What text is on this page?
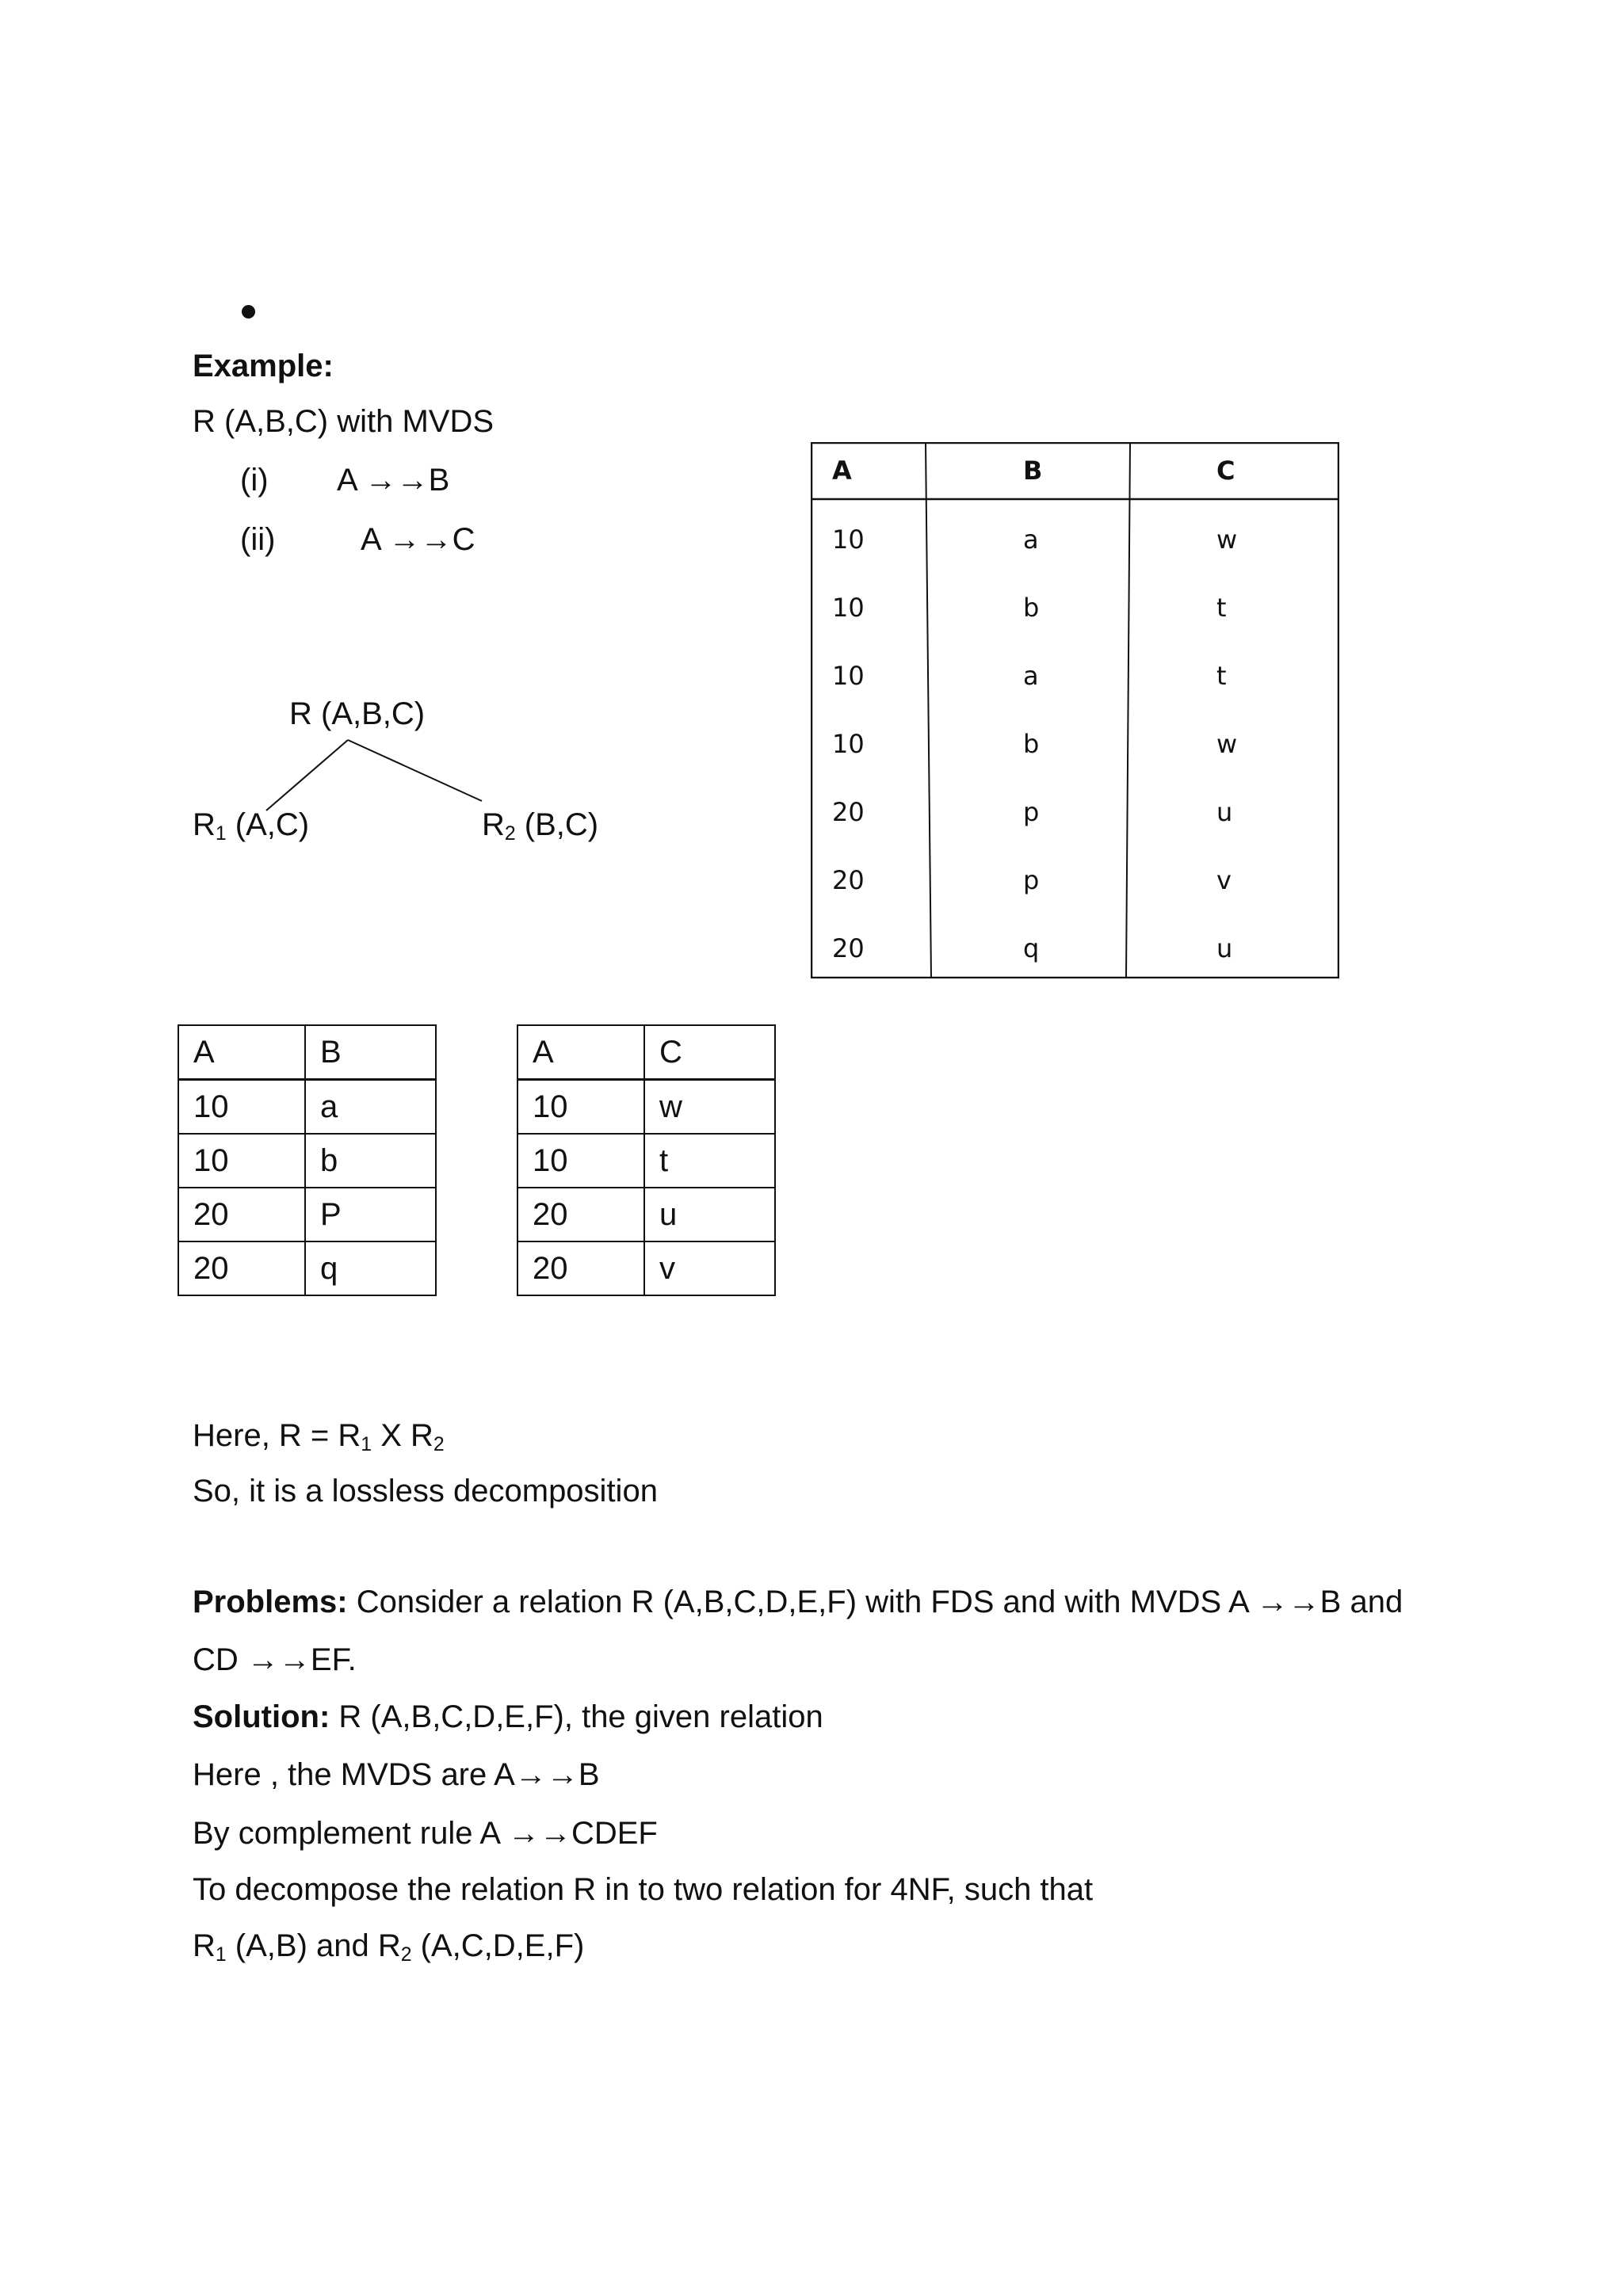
Example:
R (A,B,C) with MVDS
(i) A →→B
(ii)	A →→C
R (A,B,C)
$R_1$ (A,C)	$R_2$ (B,C)
A	B	C
10	a	w
10	b	t
10	a	t
10	b	w
20	p	u
20	p	v
20	q	u
A	B
10	a
10	b
20	P
20	q
A	C
10	w
10	t
20	u
20	v
Here, $R = R_1$ X $R_2$
So, it is a lossless decomposition
Problems: Consider a relation R (A,B,C,D,E,F) with FDS and with MVDS A →→B and
CD →→EF.
Solution: R (A,B,C,D,E,F), the given relation
Here , the MVDS are A→→B
By complement rule A →→CDEF
To decompose the relation R in to two relation for 4NF, such that
$R_1$ (A,B) and $R_2$ (A,C,D,E,F)
